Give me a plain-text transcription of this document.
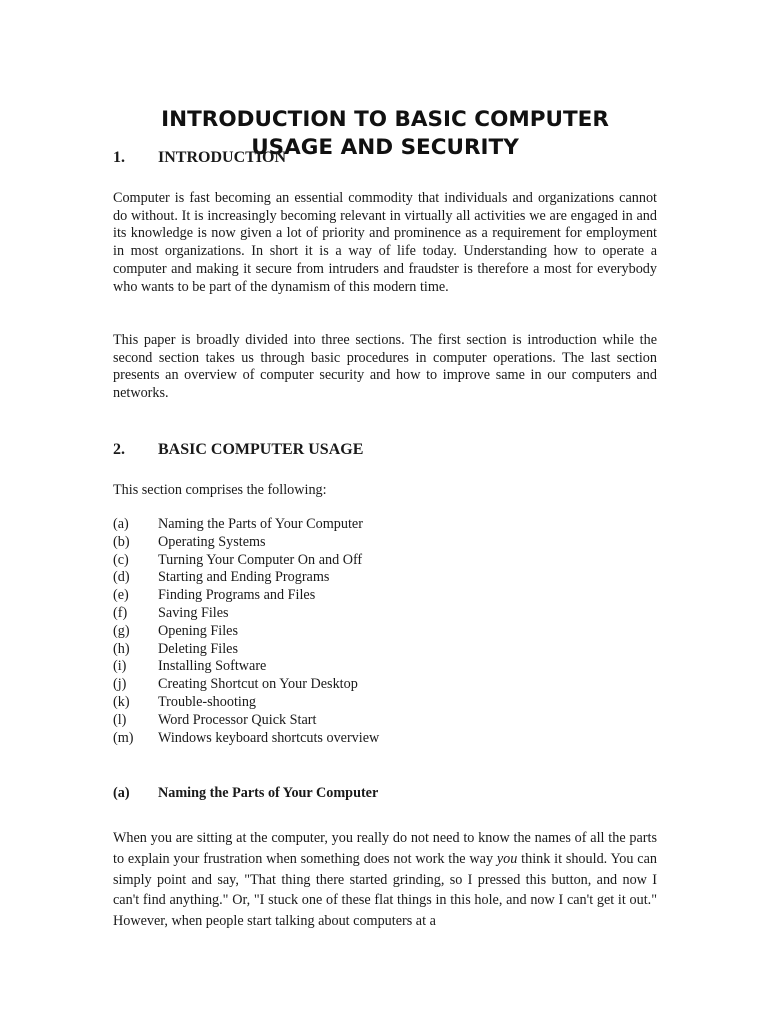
INTRODUCTION TO BASIC COMPUTER
USAGE AND SECURITY
1. INTRODUCTION

Computer is fast becoming an essential commodity that individuals and organizations cannot do without. It is increasingly becoming relevant in virtually all activities we are engaged in and its knowledge is now given a lot of priority and prominence as a requirement for employment in most organizations. In short it is a way of life today. Understanding how to operate a computer and making it secure from intruders and fraudster is therefore a most for everybody who wants to be part of the dynamism of this modern time.

This paper is broadly divided into three sections. The first section is introduction while the second section takes us through basic procedures in computer operations. The last section presents an overview of computer security and how to improve same in our computers and networks.

2. BASIC COMPUTER USAGE

This section comprises the following:

(a) Naming the Parts of Your Computer
(b) Operating Systems
(c) Turning Your Computer On and Off
(d) Starting and Ending Programs
(e) Finding Programs and Files
(f) Saving Files
(g) Opening Files
(h) Deleting Files
(i) Installing Software
(j) Creating Shortcut on Your Desktop
(k) Trouble-shooting
(l) Word Processor Quick Start
(m) Windows keyboard shortcuts overview
(a) Naming the Parts of Your Computer

When you are sitting at the computer, you really do not need to know the names of all the parts to explain your frustration when something does not work the way you think it should. You can simply point and say, "That thing there started grinding, so I pressed this button, and now I can't find anything." Or, "I stuck one of these flat things in this hole, and now I can't get it out." However, when people start talking about computers at a
